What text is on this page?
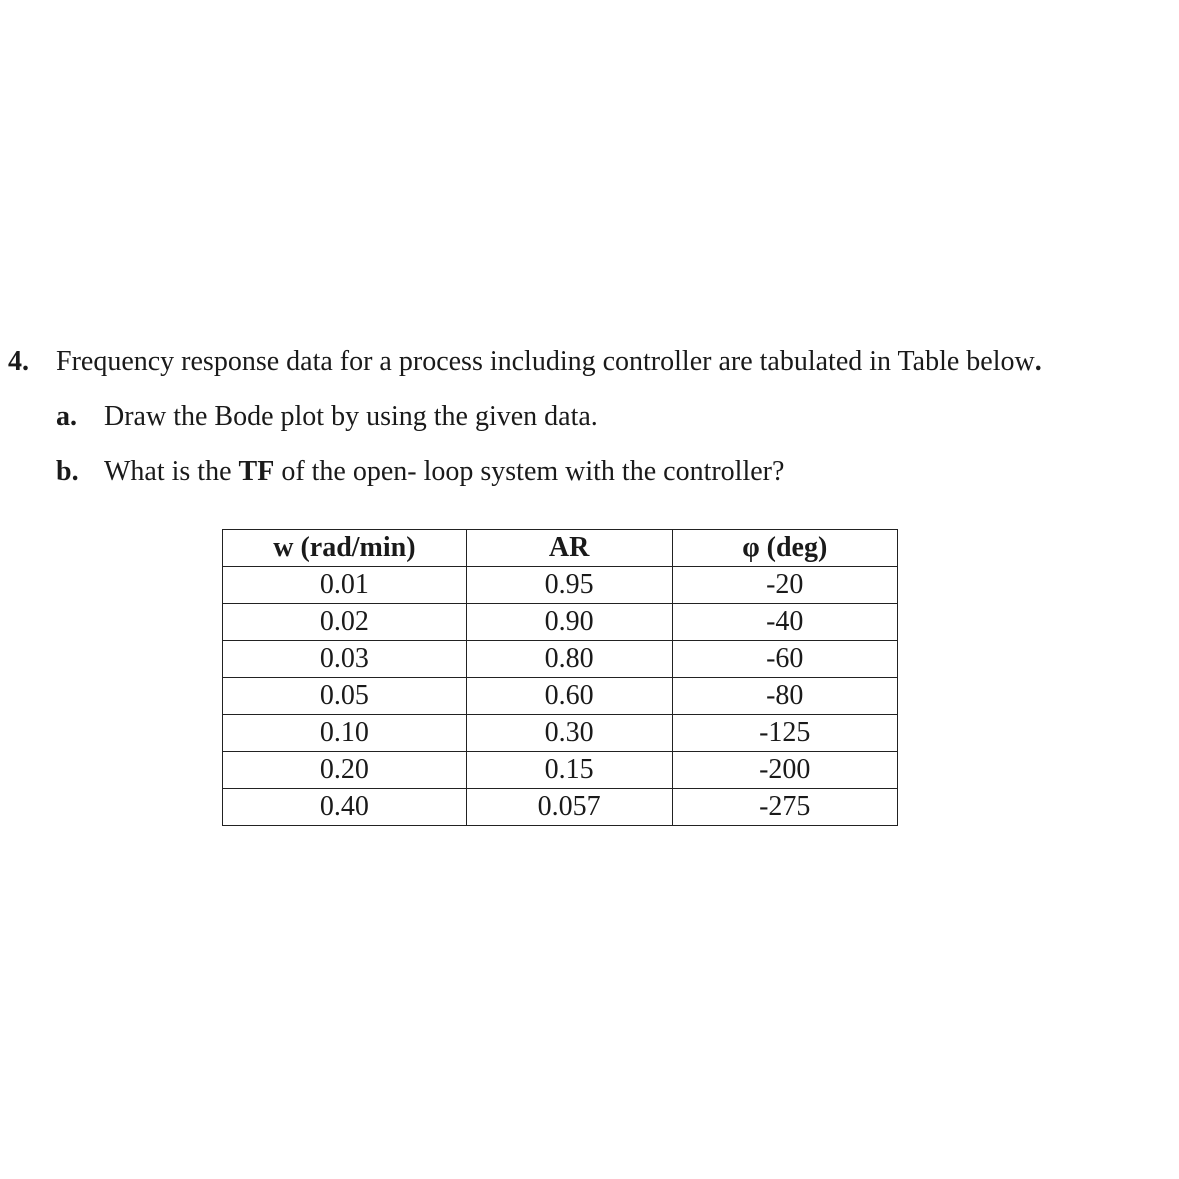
4. Frequency response data for a process including controller are tabulated in Table below.
a. Draw the Bode plot by using the given data.
b. What is the TF of the open- loop system with the controller?
w (rad/min)	AR	φ (deg)
0.01	0.95	-20
0.02	0.90	-40
0.03	0.80	-60
0.05	0.60	-80
0.10	0.30	-125
0.20	0.15	-200
0.40	0.057	-275
